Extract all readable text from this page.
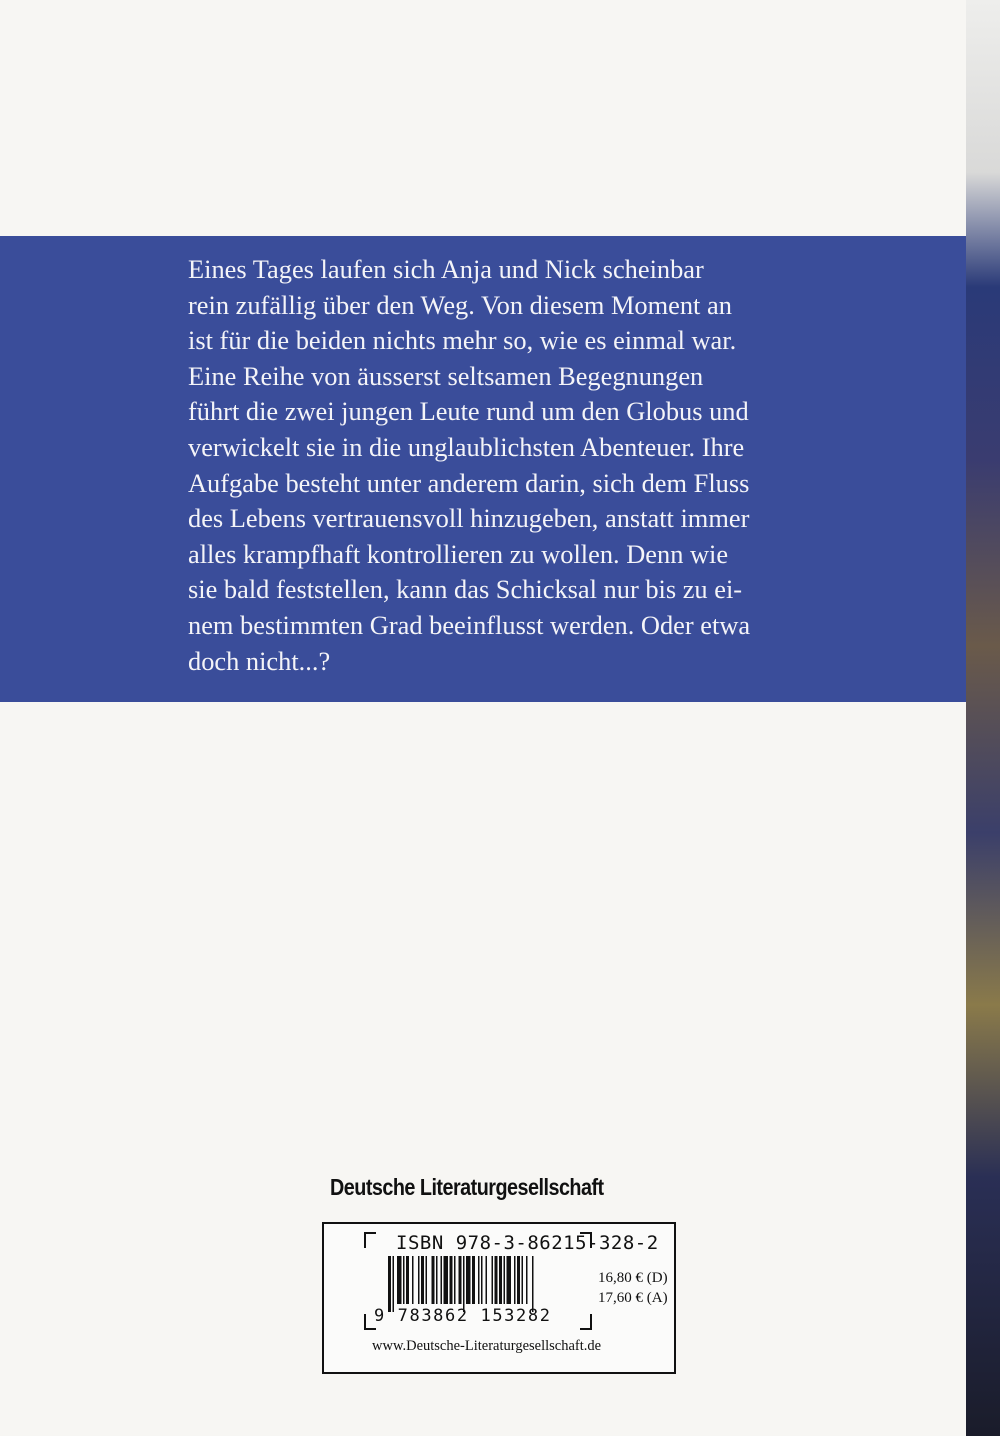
Eines Tages laufen sich Anja und Nick scheinbar
rein zufällig über den Weg. Von diesem Moment an
ist für die beiden nichts mehr so, wie es einmal war.
Eine Reihe von äusserst seltsamen Begegnungen
führt die zwei jungen Leute rund um den Globus und
verwickelt sie in die unglaublichsten Abenteuer. Ihre
Aufgabe besteht unter anderem darin, sich dem Fluss
des Lebens vertrauensvoll hinzugeben, anstatt immer
alles krampfhaft kontrollieren zu wollen. Denn wie
sie bald feststellen, kann das Schicksal nur bis zu ei-
nem bestimmten Grad beeinflusst werden. Oder etwa
doch nicht...?

Deutsche Literaturgesellschaft
ISBN 978-3-86215-328-2
9 783862 153282
16,80 € (D)
17,60 € (A)
www.Deutsche-Literaturgesellschaft.de
